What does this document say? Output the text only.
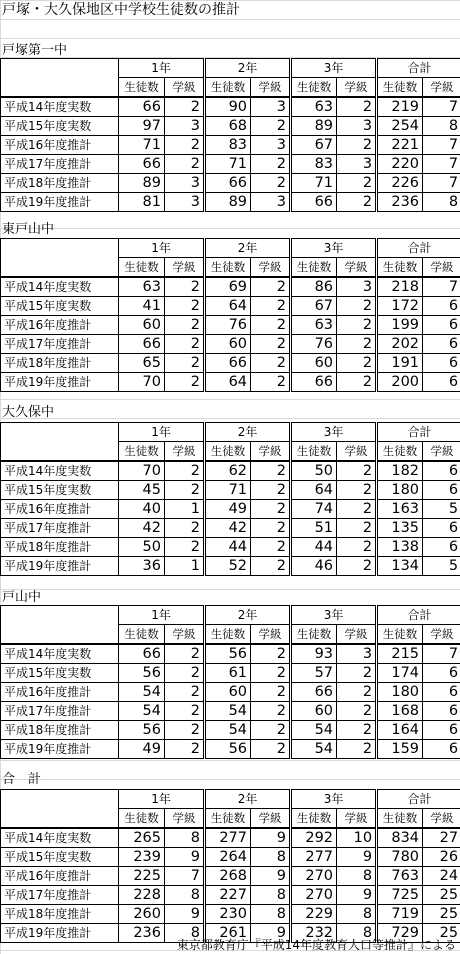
戸塚・大久保地区中学校生徒数の推計
戸塚第一中
	1年		2年		3年		合計	
	生徒数	学級	生徒数	学級	生徒数	学級	生徒数	学級
平成14年度実数	66	2	90	3	63	2	219	7
平成15年度実数	97	3	68	2	89	3	254	8
平成16年度推計	71	2	83	3	67	2	221	7
平成17年度推計	66	2	71	2	83	3	220	7
平成18年度推計	89	3	66	2	71	2	226	7
平成19年度推計	81	3	89	3	66	2	236	8
東戸山中
	1年		2年		3年		合計	
	生徒数	学級	生徒数	学級	生徒数	学級	生徒数	学級
平成14年度実数	63	2	69	2	86	3	218	7
平成15年度実数	41	2	64	2	67	2	172	6
平成16年度推計	60	2	76	2	63	2	199	6
平成17年度推計	66	2	60	2	76	2	202	6
平成18年度推計	65	2	66	2	60	2	191	6
平成19年度推計	70	2	64	2	66	2	200	6
大久保中
	1年		2年		3年		合計	
	生徒数	学級	生徒数	学級	生徒数	学級	生徒数	学級
平成14年度実数	70	2	62	2	50	2	182	6
平成15年度実数	45	2	71	2	64	2	180	6
平成16年度推計	40	1	49	2	74	2	163	5
平成17年度推計	42	2	42	2	51	2	135	6
平成18年度推計	50	2	44	2	44	2	138	6
平成19年度推計	36	1	52	2	46	2	134	5
戸山中
	1年		2年		3年		合計	
	生徒数	学級	生徒数	学級	生徒数	学級	生徒数	学級
平成14年度実数	66	2	56	2	93	3	215	7
平成15年度実数	56	2	61	2	57	2	174	6
平成16年度推計	54	2	60	2	66	2	180	6
平成17年度推計	54	2	54	2	60	2	168	6
平成18年度推計	56	2	54	2	54	2	164	6
平成19年度推計	49	2	56	2	54	2	159	6
合　計
	1年		2年		3年		合計	
	生徒数	学級	生徒数	学級	生徒数	学級	生徒数	学級
平成14年度実数	265	8	277	9	292	10	834	27
平成15年度実数	239	9	264	8	277	9	780	26
平成16年度推計	225	7	268	9	270	8	763	24
平成17年度推計	228	8	227	8	270	9	725	25
平成18年度推計	260	9	230	8	229	8	719	25
平成19年度推計	236	8	261	9	232	8	729	25
東京都教育庁『平成14年度教育人口等推計』による
